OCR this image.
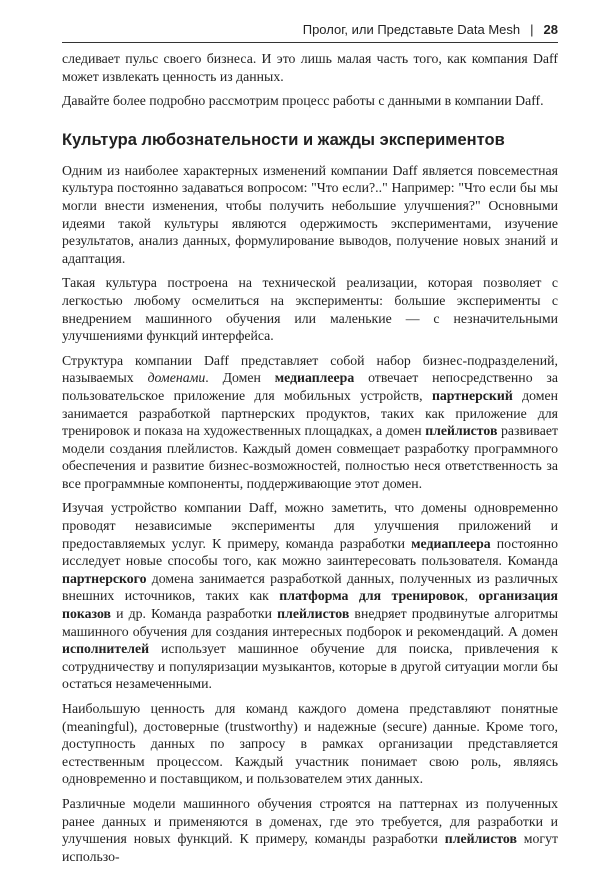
Пролог, или Представьте Data Mesh | 28

следивает пульс своего бизнеса. И это лишь малая часть того, как компания Daff может извлекать ценность из данных.

Давайте более подробно рассмотрим процесс работы с данными в компании Daff.

Культура любознательности и жажды экспериментов

Одним из наиболее характерных изменений компании Daff является повсеместная культура постоянно задаваться вопросом: "Что если?.." Например: "Что если бы мы могли внести изменения, чтобы получить небольшие улучшения?" Основными идеями такой культуры являются одержимость экспериментами, изучение результатов, анализ данных, формулирование выводов, получение новых знаний и адаптация.

Такая культура построена на технической реализации, которая позволяет с легкостью любому осмелиться на эксперименты: большие эксперименты с внедрением машинного обучения или маленькие — с незначительными улучшениями функций интерфейса.

Структура компании Daff представляет собой набор бизнес-подразделений, называемых доменами. Домен медиаплеера отвечает непосредственно за пользовательское приложение для мобильных устройств, партнерский домен занимается разработкой партнерских продуктов, таких как приложение для тренировок и показа на художественных площадках, а домен плейлистов развивает модели создания плейлистов. Каждый домен совмещает разработку программного обеспечения и развитие бизнес-возможностей, полностью неся ответственность за все программные компоненты, поддерживающие этот домен.

Изучая устройство компании Daff, можно заметить, что домены одновременно проводят независимые эксперименты для улучшения приложений и предоставляемых услуг. К примеру, команда разработки медиаплеера постоянно исследует новые способы того, как можно заинтересовать пользователя. Команда партнерского домена занимается разработкой данных, полученных из различных внешних источников, таких как платформа для тренировок, организация показов и др. Команда разработки плейлистов внедряет продвинутые алгоритмы машинного обучения для создания интересных подборок и рекомендаций. А домен исполнителей использует машинное обучение для поиска, привлечения к сотрудничеству и популяризации музыкантов, которые в другой ситуации могли бы остаться незамеченными.

Наибольшую ценность для команд каждого домена представляют понятные (meaningful), достоверные (trustworthy) и надежные (secure) данные. Кроме того, доступность данных по запросу в рамках организации представляется естественным процессом. Каждый участник понимает свою роль, являясь одновременно и поставщиком, и пользователем этих данных.

Различные модели машинного обучения строятся на паттернах из полученных ранее данных и применяются в доменах, где это требуется, для разработки и улучшения новых функций. К примеру, команды разработки плейлистов могут использо-
